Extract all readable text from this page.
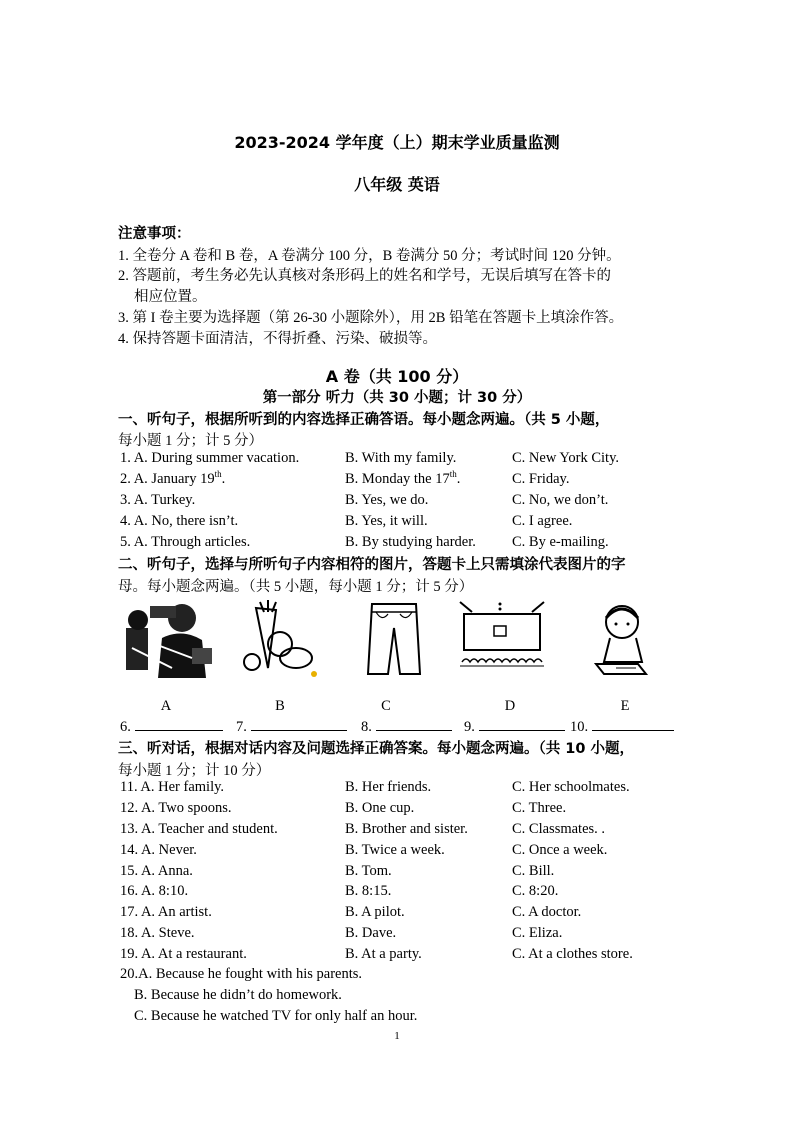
2023-2024 学年度（上）期末学业质量监测
八年级 英语
注意事项：
1. 全卷分 A 卷和 B 卷，A 卷满分 100 分，B 卷满分 50 分；考试时间 120 分钟。
2. 答题前，考生务必先认真核对条形码上的姓名和学号，无误后填写在答卡的
相应位置。
3. 第 I 卷主要为选择题（第 26-30 小题除外），用 2B 铅笔在答题卡上填涂作答。
4. 保持答题卡面清洁，不得折叠、污染、破损等。
A 卷（共 100 分）
第一部分 听力（共 30 小题；计 30 分）
一、听句子，根据所听到的内容选择正确答语。每小题念两遍。（共 5 小题，
每小题 1 分；计 5 分）
1. A. During summer vacation.	B. With my family.	C. New York City.
2. A. January 19th.	B. Monday the 17th.	C. Friday.
3. A. Turkey.	B. Yes, we do.	C. No, we don’t.
4. A. No, there isn’t.	B. Yes, it will.	C. I agree.
5. A. Through articles.	B. By studying harder. C. By e-mailing.
二、听句子，选择与所听句子内容相符的图片，答题卡上只需填涂代表图片的字
母。每小题念两遍。（共 5 小题，每小题 1 分；计 5 分）
A	B	C	D	E
6.	7.	8.	9.	10.
三、听对话，根据对话内容及问题选择正确答案。每小题念两遍。（共 10 小题，
每小题 1 分；计 10 分）
11. A. Her family.	B. Her friends.	C. Her schoolmates.
12. A. Two spoons.	B. One cup.	C. Three.
13. A. Teacher and student.	B. Brother and sister.	C. Classmates. .
14. A. Never.	B. Twice a week.	C. Once a week.
15. A. Anna.	B. Tom.	C. Bill.
16. A. 8:10.	B. 8:15.	C. 8:20.
17. A. An artist.	B. A pilot.	C. A doctor.
18. A. Steve.	B. Dave.	C. Eliza.
19. A. At a restaurant.	B. At a party.	C. At a clothes store.
20.A. Because he fought with his parents.
B. Because he didn’t do homework.
C. Because he watched TV for only half an hour.
1
